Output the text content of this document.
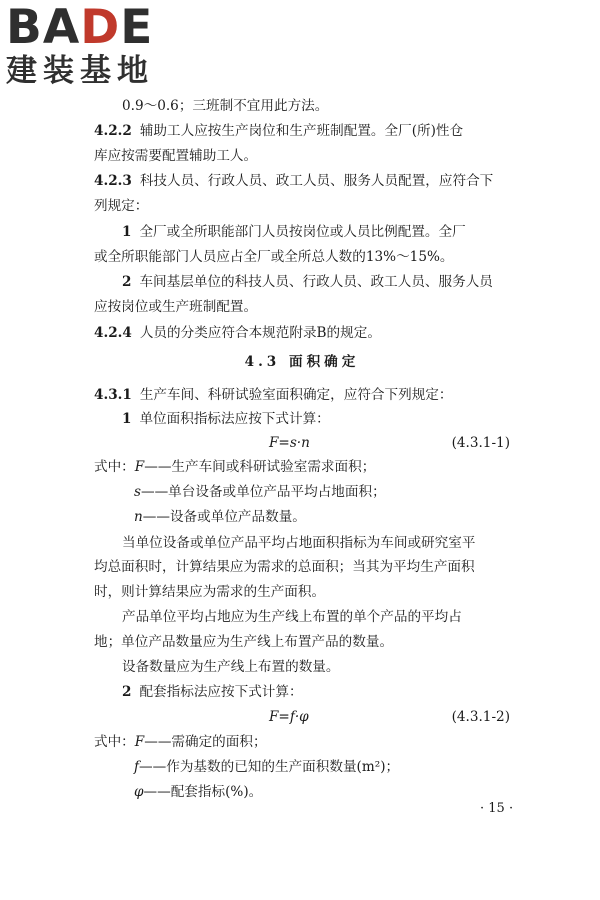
BADE
建装基地
0.9～0.6；三班制不宜用此方法。
4.2.2 辅助工人应按生产岗位和生产班制配置。全厂(所)性仓
库应按需要配置辅助工人。
4.2.3 科技人员、行政人员、政工人员、服务人员配置，应符合下
列规定：
1 全厂或全所职能部门人员按岗位或人员比例配置。全厂
或全所职能部门人员应占全厂或全所总人数的13%～15%。
2 车间基层单位的科技人员、行政人员、政工人员、服务人员
应按岗位或生产班制配置。
4.2.4 人员的分类应符合本规范附录B的规定。
4.3 面积确定
4.3.1 生产车间、科研试验室面积确定，应符合下列规定：
1 单位面积指标法应按下式计算：
F=s·n	(4.3.1-1)
式中：F——生产车间或科研试验室需求面积；
s——单台设备或单位产品平均占地面积；
n——设备或单位产品数量。
当单位设备或单位产品平均占地面积指标为车间或研究室平
均总面积时，计算结果应为需求的总面积；当其为平均生产面积
时，则计算结果应为需求的生产面积。
产品单位平均占地应为生产线上布置的单个产品的平均占
地；单位产品数量应为生产线上布置产品的数量。
设备数量应为生产线上布置的数量。
2 配套指标法应按下式计算：
F=f·φ	(4.3.1-2)
式中：F——需确定的面积；
f——作为基数的已知的生产面积数量(m²)；
φ——配套指标(%)。
· 15 ·
